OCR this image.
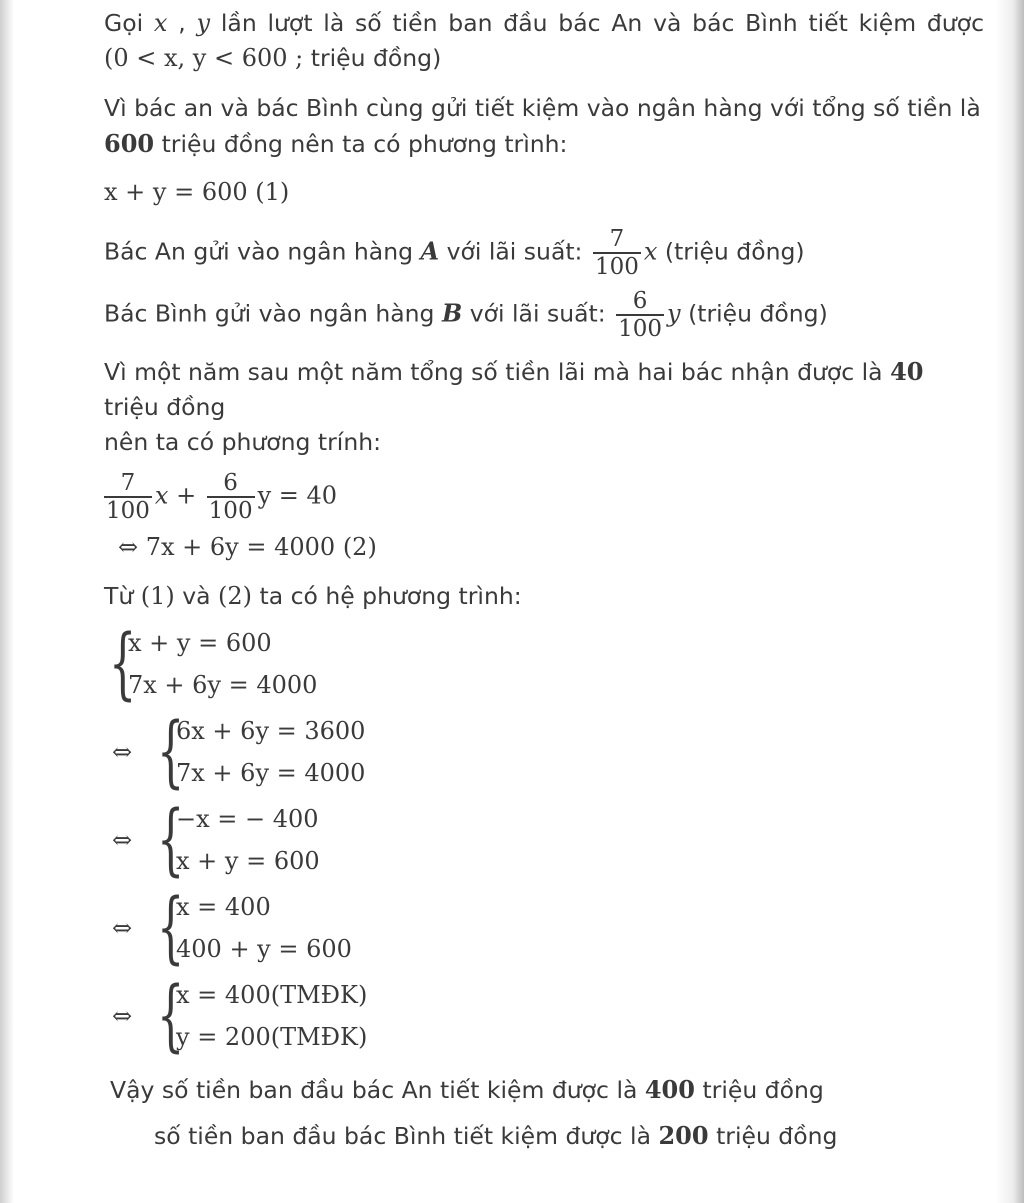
Gọi x , y lần lượt là số tiền ban đầu bác An và bác Bình tiết kiệm được
(0 < x, y < 600 ; triệu đồng)
Vì bác an và bác Bình cùng gửi tiết kiệm vào ngân hàng với tổng số tiền là 600 triệu đồng nên ta có phương trình:
x + y = 600 (1)
Bác An gửi vào ngân hàng A với lãi suất: $\frac{7}{100}$ x (triệu đồng)
Bác Bình gửi vào ngân hàng B với lãi suất: $\frac{6}{100}$ y (triệu đồng)
Vì một năm sau một năm tổng số tiền lãi mà hai bác nhận được là 40 triệu đồng
nên ta có phương trính:
$\frac{7}{100}$ $x + \frac{6}{100}$ y = 40
⇔ 7x + 6y = 4000 (2)
Từ (1) và (2) ta có hệ phương trình:
{
x + y = 600
7x + 6y = 4000
⇔ {
6x + 6y = 3600
7x + 6y = 4000
⇔ {
−x = − 400
x + y = 600
⇔ {
x = 400
400 + y = 600
⇔ {
x = 400(TMĐK)
y = 200(TMĐK)
Vậy số tiền ban đầu bác An tiết kiệm được là 400 triệu đồng
số tiền ban đầu bác Bình tiết kiệm được là 200 triệu đồng
